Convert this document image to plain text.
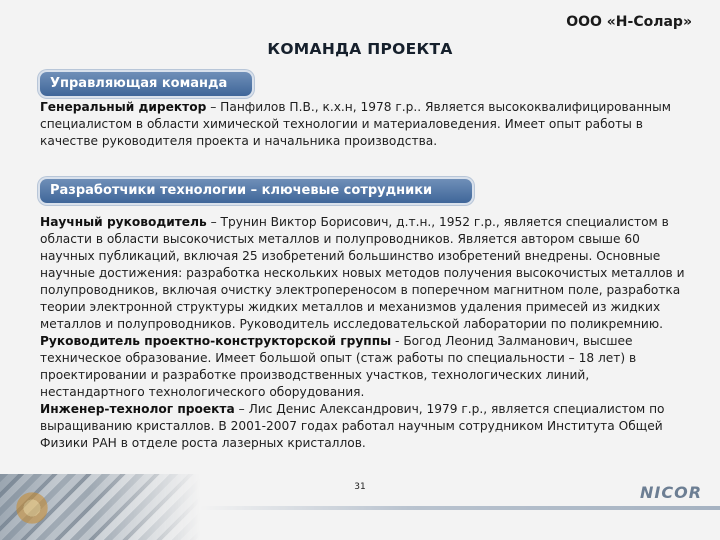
ООО «Н-Солар»
КОМАНДА ПРОЕКТА
Управляющая команда

Генеральный директор – Панфилов П.В., к.х.н, 1978 г.р.. Является высококвалифицированным специалистом в области химической технологии и материаловедения. Имеет опыт работы в качестве руководителя проекта и начальника производства.

Разработчики технологии – ключевые сотрудники

Научный руководитель – Трунин Виктор Борисович, д.т.н., 1952 г.р., является специалистом в области в области высокочистых металлов и полупроводников. Является автором свыше 60 научных публикаций, включая 25 изобретений большинство изобретений внедрены. Основные научные достижения: разработка нескольких новых методов получения высокочистых металлов и полупроводников, включая очистку электропереносом в поперечном магнитном поле, разработка теории электронной структуры жидких металлов и механизмов удаления примесей из жидких металлов и полупроводников. Руководитель исследовательской лаборатории по поликремнию.
Руководитель проектно-конструкторской группы - Богод Леонид Залманович, высшее техническое образование. Имеет большой опыт (стаж работы по специальности – 18 лет) в проектировании и разработке производственных участков, технологических линий, нестандартного технологического оборудования.
Инженер-технолог проекта – Лис Денис Александрович, 1979 г.р., является специалистом по выращиванию кристаллов. В 2001-2007 годах работал научным сотрудником Института Общей Физики РАН в отделе роста лазерных кристаллов.

31	NICOR
